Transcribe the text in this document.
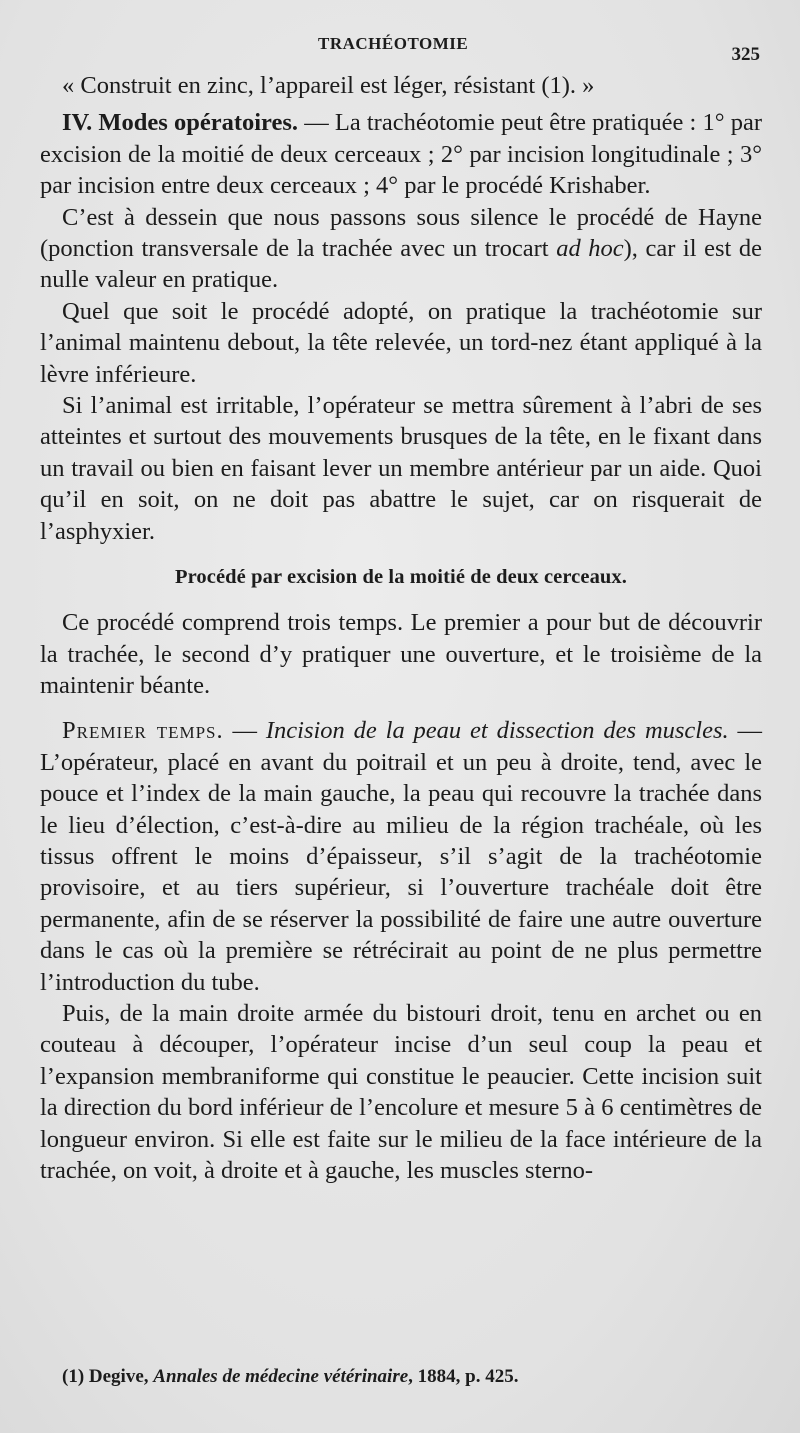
TRACHÉOTOMIE
325

« Construit en zinc, l’appareil est léger, résistant (1). »

IV. Modes opératoires. — La trachéotomie peut être pratiquée : 1° par excision de la moitié de deux cerceaux ; 2° par incision longitudinale ; 3° par incision entre deux cerceaux ; 4° par le procédé Krishaber.

C’est à dessein que nous passons sous silence le procédé de Hayne (ponction transversale de la trachée avec un trocart ad hoc), car il est de nulle valeur en pratique.

Quel que soit le procédé adopté, on pratique la trachéotomie sur l’animal maintenu debout, la tête relevée, un tord-nez étant appliqué à la lèvre inférieure.

Si l’animal est irritable, l’opérateur se mettra sûrement à l’abri de ses atteintes et surtout des mouvements brusques de la tête, en le fixant dans un travail ou bien en faisant lever un membre antérieur par un aide. Quoi qu’il en soit, on ne doit pas abattre le sujet, car on risquerait de l’asphyxier.

Procédé par excision de la moitié de deux cerceaux.

Ce procédé comprend trois temps. Le premier a pour but de découvrir la trachée, le second d’y pratiquer une ouverture, et le troisième de la maintenir béante.

Premier temps. — Incision de la peau et dissection des muscles. — L’opérateur, placé en avant du poitrail et un peu à droite, tend, avec le pouce et l’index de la main gauche, la peau qui recouvre la trachée dans le lieu d’élection, c’est-à-dire au milieu de la région trachéale, où les tissus offrent le moins d’épaisseur, s’il s’agit de la trachéotomie provisoire, et au tiers supérieur, si l’ouverture trachéale doit être permanente, afin de se réserver la possibilité de faire une autre ouverture dans le cas où la première se rétrécirait au point de ne plus permettre l’introduction du tube.

Puis, de la main droite armée du bistouri droit, tenu en archet ou en couteau à découper, l’opérateur incise d’un seul coup la peau et l’expansion membraniforme qui constitue le peaucier. Cette incision suit la direction du bord inférieur de l’encolure et mesure 5 à 6 centimètres de longueur environ. Si elle est faite sur le milieu de la face intérieure de la trachée, on voit, à droite et à gauche, les muscles sterno-

(1) Degive, Annales de médecine vétérinaire, 1884, p. 425.
